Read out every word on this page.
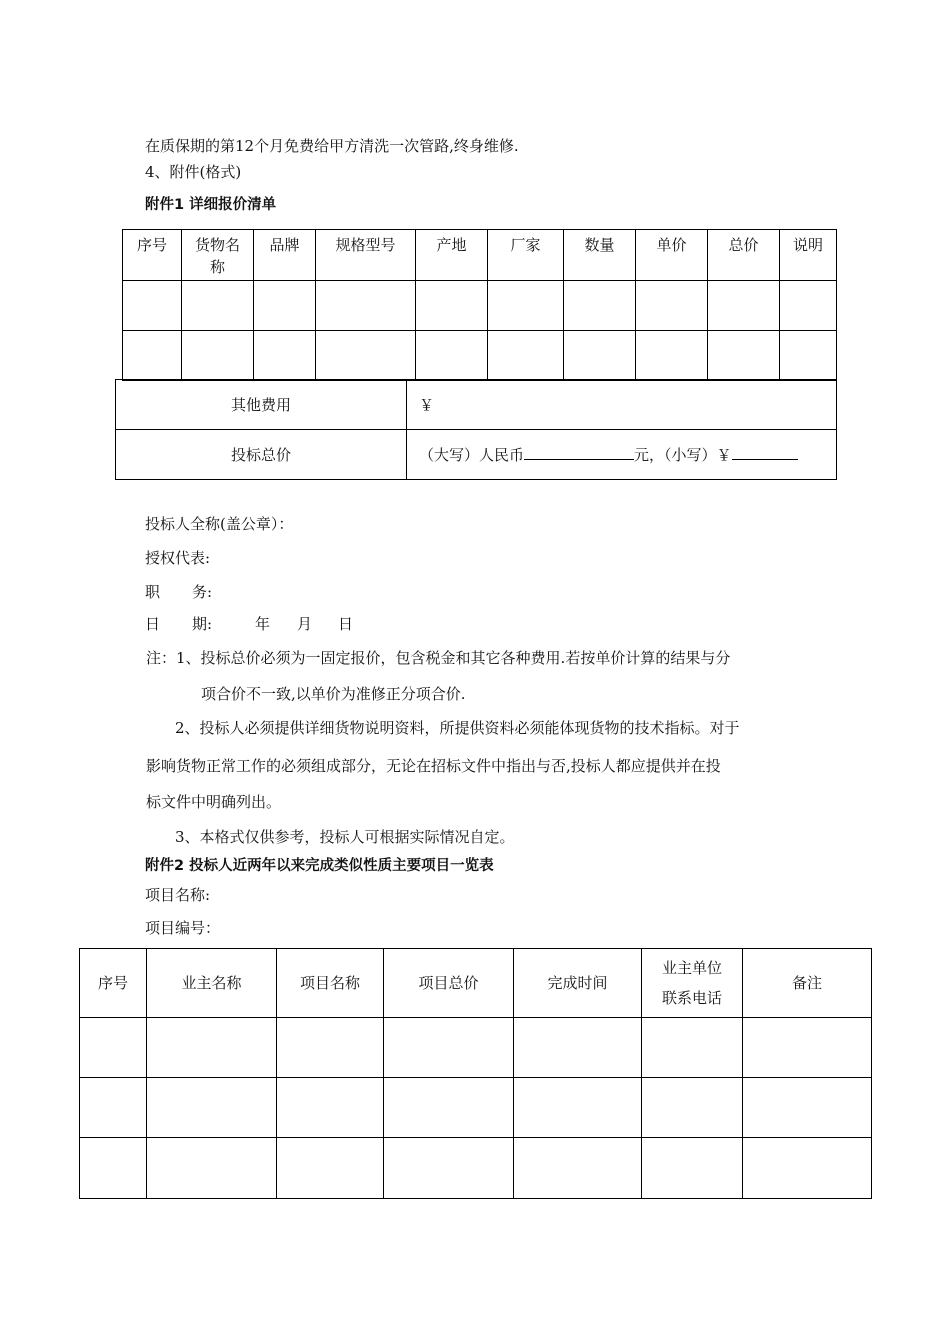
在质保期的第12个月免费给甲方清洗一次管路,终身维修.
4、附件(格式)
附件1 详细报价清单
序号	货物名称	品牌	规格型号	产地	厂家	数量	单价	总价	说明

其他费用	￥
投标总价	（大写）人民币 元，（小写）￥
投标人全称(盖公章）：
授权代表:
职 务:
日 期:	年 月 日
注：1、投标总价必须为一固定报价，包含税金和其它各种费用.若按单价计算的结果与分
项合价不一致,以单价为准修正分项合价.
2、投标人必须提供详细货物说明资料，所提供资料必须能体现货物的技术指标。对于
影响货物正常工作的必须组成部分，无论在招标文件中指出与否,投标人都应提供并在投
标文件中明确列出。
3、本格式仅供参考，投标人可根据实际情况自定。
附件2 投标人近两年以来完成类似性质主要项目一览表
项目名称:
项目编号：
序号	业主名称	项目名称	项目总价	完成时间	业主单位联系电话	备注
